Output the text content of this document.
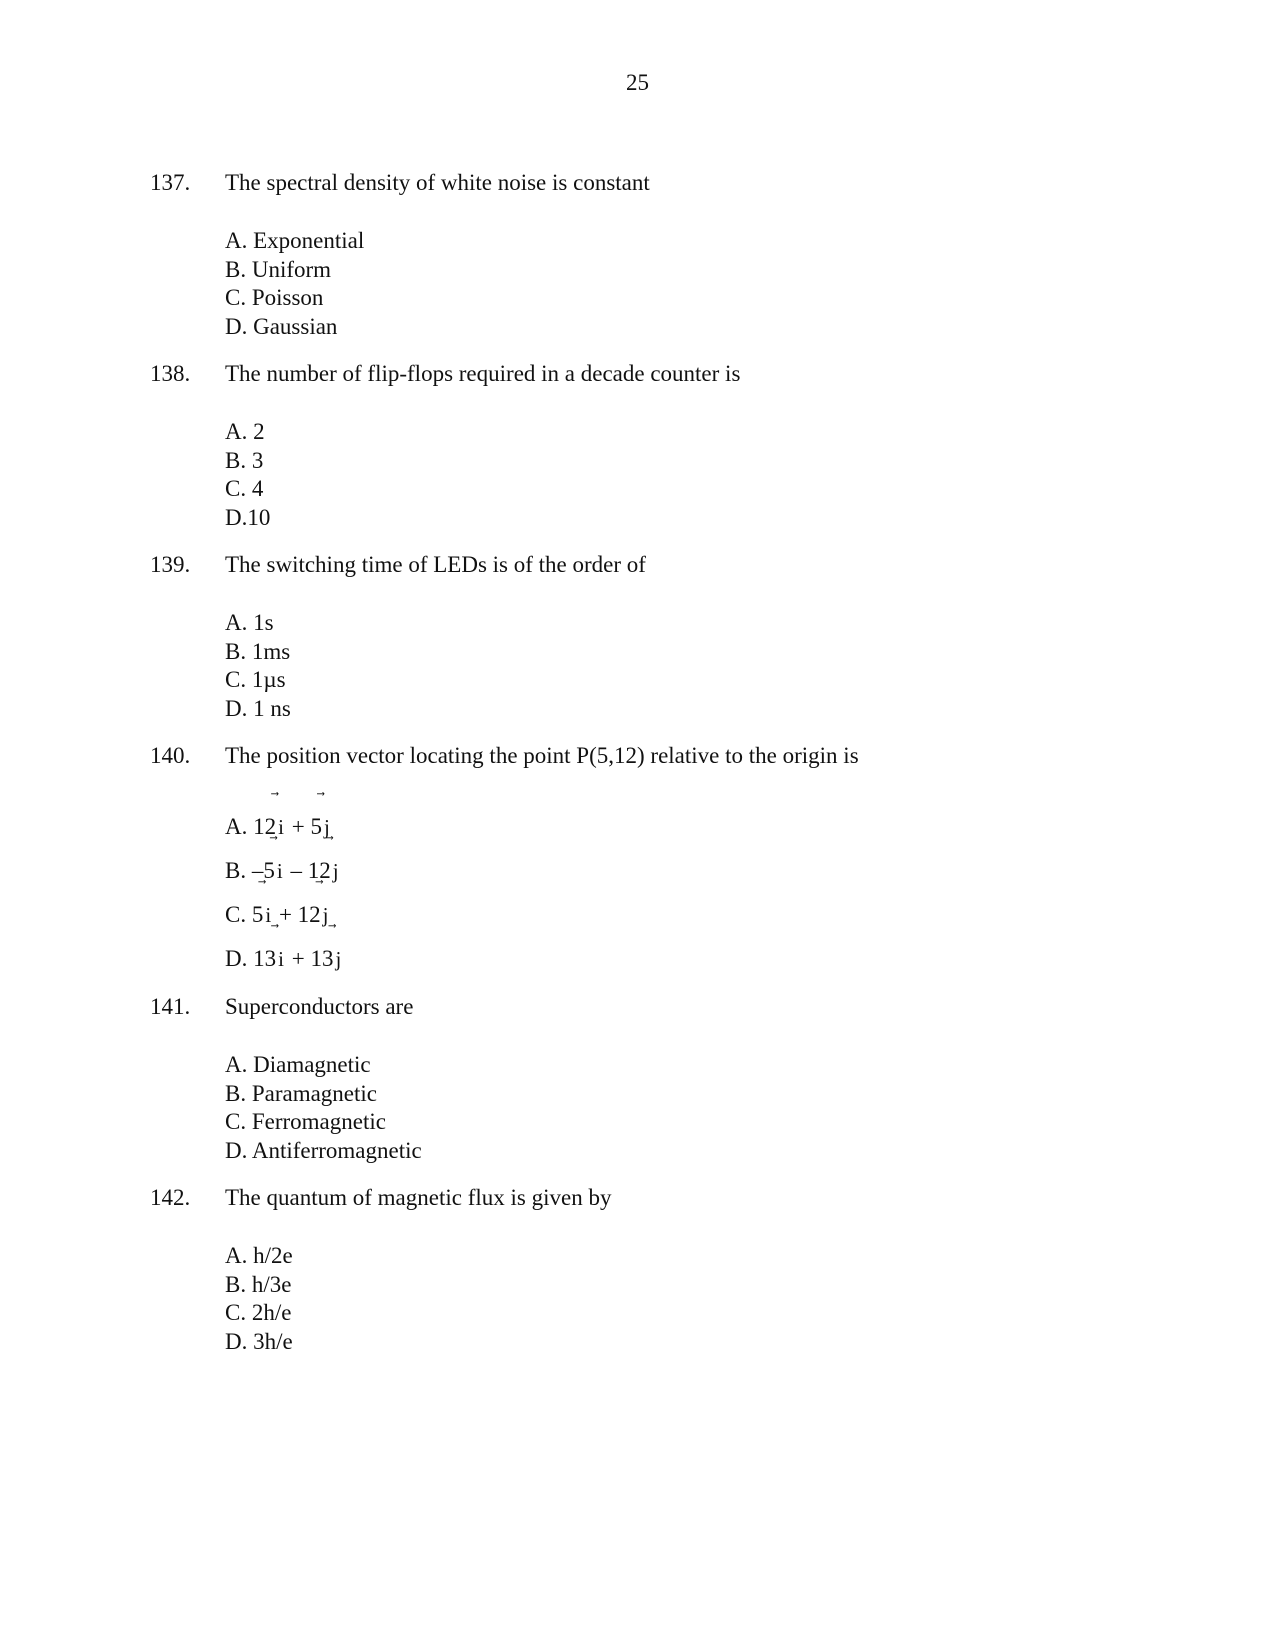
25
137. The spectral density of white noise is constant
A. Exponential
B. Uniform
C. Poisson
D. Gaussian
138. The number of flip-flops required in a decade counter is
A. 2
B. 3
C. 4
D.10
139. The switching time of LEDs is of the order of
A. 1s
B. 1ms
C. 1µs
D. 1 ns
140. The position vector locating the point P(5,12) relative to the origin is
A. 12
i + 5
j
B. –5
i – 12
j
C. 5
i + 12
j
D. 13
i + 13
j
141. Superconductors are
A. Diamagnetic
B. Paramagnetic
C. Ferromagnetic
D. Antiferromagnetic
142. The quantum of magnetic flux is given by
A. h/2e
B. h/3e
C. 2h/e
D. 3h/e
